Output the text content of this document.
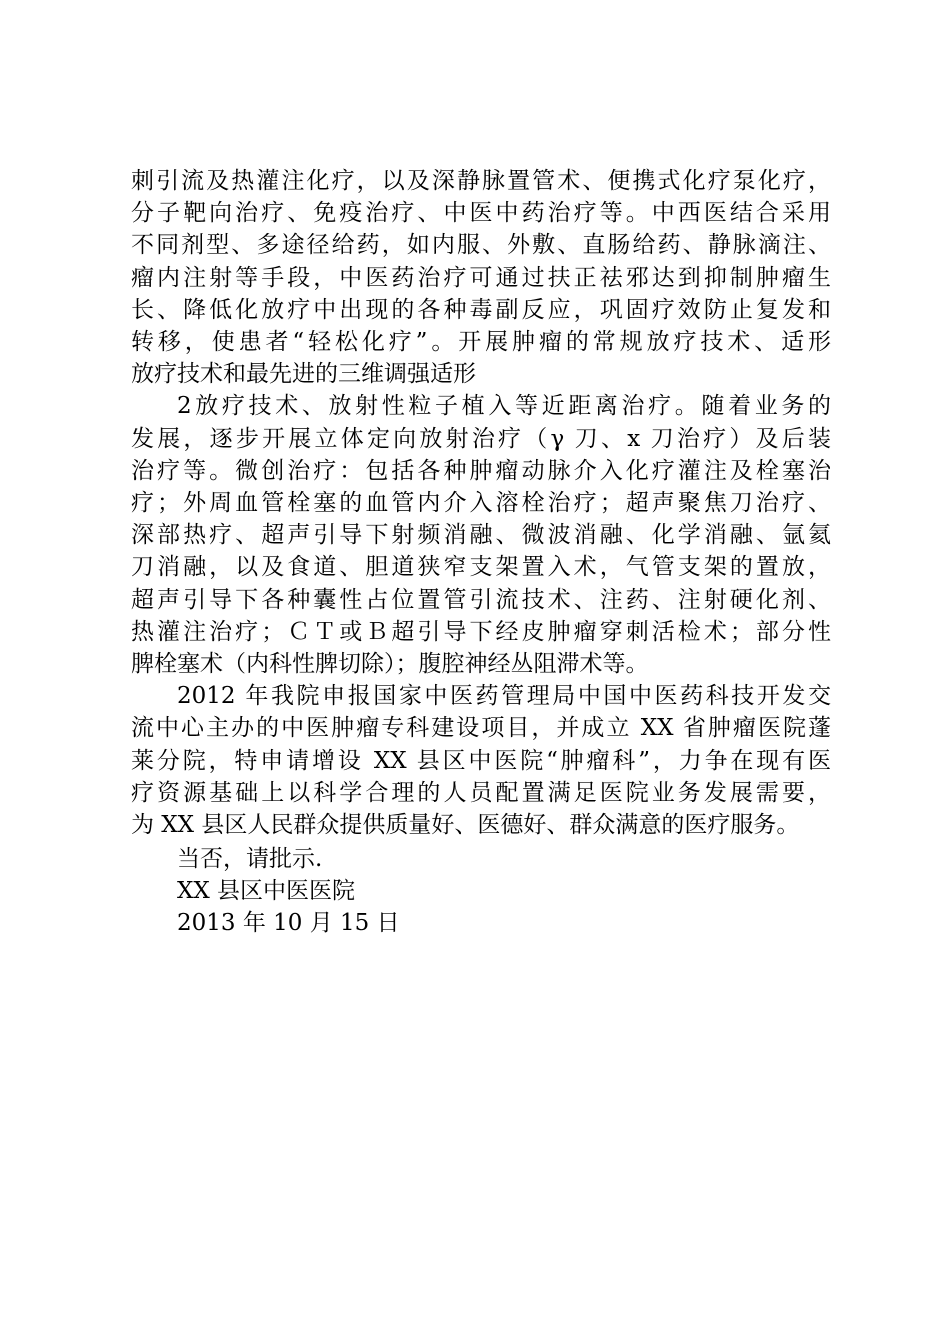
刺引流及热灌注化疗，以及深静脉置管术、便携式化疗泵化疗，
分子靶向治疗、免疫治疗、中医中药治疗等。中西医结合采用
不同剂型、多途径给药，如内服、外敷、直肠给药、静脉滴注、
瘤内注射等手段，中医药治疗可通过扶正祛邪达到抑制肿瘤生
长、降低化放疗中出现的各种毒副反应，巩固疗效防止复发和
转移，使患者“轻松化疗”。开展肿瘤的常规放疗技术、适形
放疗技术和最先进的三维调强适形

2放疗技术、放射性粒子植入等近距离治疗。随着业务的
发展，逐步开展立体定向放射治疗（γ 刀、x 刀治疗）及后装
治疗等。微创治疗：包括各种肿瘤动脉介入化疗灌注及栓塞治
疗；外周血管栓塞的血管内介入溶栓治疗；超声聚焦刀治疗、
深部热疗、超声引导下射频消融、微波消融、化学消融、氩氦
刀消融，以及食道、胆道狭窄支架置入术，气管支架的置放，
超声引导下各种囊性占位置管引流技术、注药、注射硬化剂、
热灌注治疗；ＣＴ或Ｂ超引导下经皮肿瘤穿刺活检术；部分性
脾栓塞术（内科性脾切除）；腹腔神经丛阻滞术等。

2012 年我院申报国家中医药管理局中国中医药科技开发交
流中心主办的中医肿瘤专科建设项目，并成立 XX 省肿瘤医院蓬
莱分院，特申请增设 XX 县区中医院“肿瘤科”，力争在现有医
疗资源基础上以科学合理的人员配置满足医院业务发展需要，
为 XX 县区人民群众提供质量好、医德好、群众满意的医疗服务。

当否，请批示.
XX 县区中医医院
2013 年 10 月 15 日
